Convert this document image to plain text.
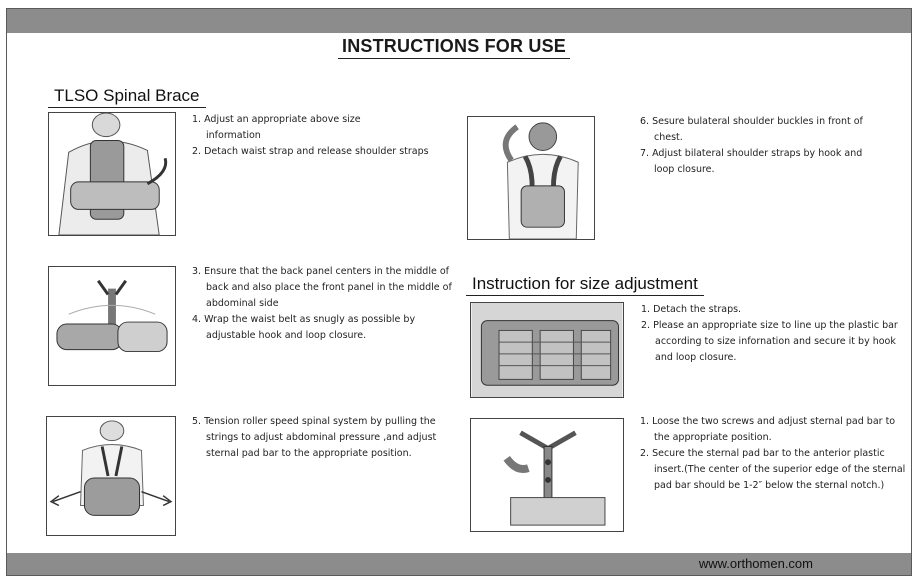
www.orthomen.com
INSTRUCTIONS FOR USE
TLSO Spinal Brace
Instruction for size adjustment
1. Adjust an appropriate above size
information
2. Detach waist strap and release shoulder straps
3. Ensure that the back panel centers in the middle of
back and also place the front panel in the middle of
abdominal side
4. Wrap the waist belt as snugly as possible by
adjustable hook and loop closure.
5. Tension roller speed spinal system by pulling the
strings to adjust abdominal pressure ,and adjust
sternal pad bar to the appropriate position.
6. Sesure bulateral shoulder buckles in front of
chest.
7. Adjust bilateral shoulder straps by hook and
loop closure.
1. Detach the straps.
2. Please an appropriate size to line up the plastic bar
according to size infornation and secure it by hook
and loop closure.
1. Loose the two screws and adjust sternal pad bar to
the appropriate position.
2. Secure the sternal pad bar to the anterior plastic
insert.(The center of the superior edge of the sternal
pad bar should be 1-2″ below the sternal notch.)
